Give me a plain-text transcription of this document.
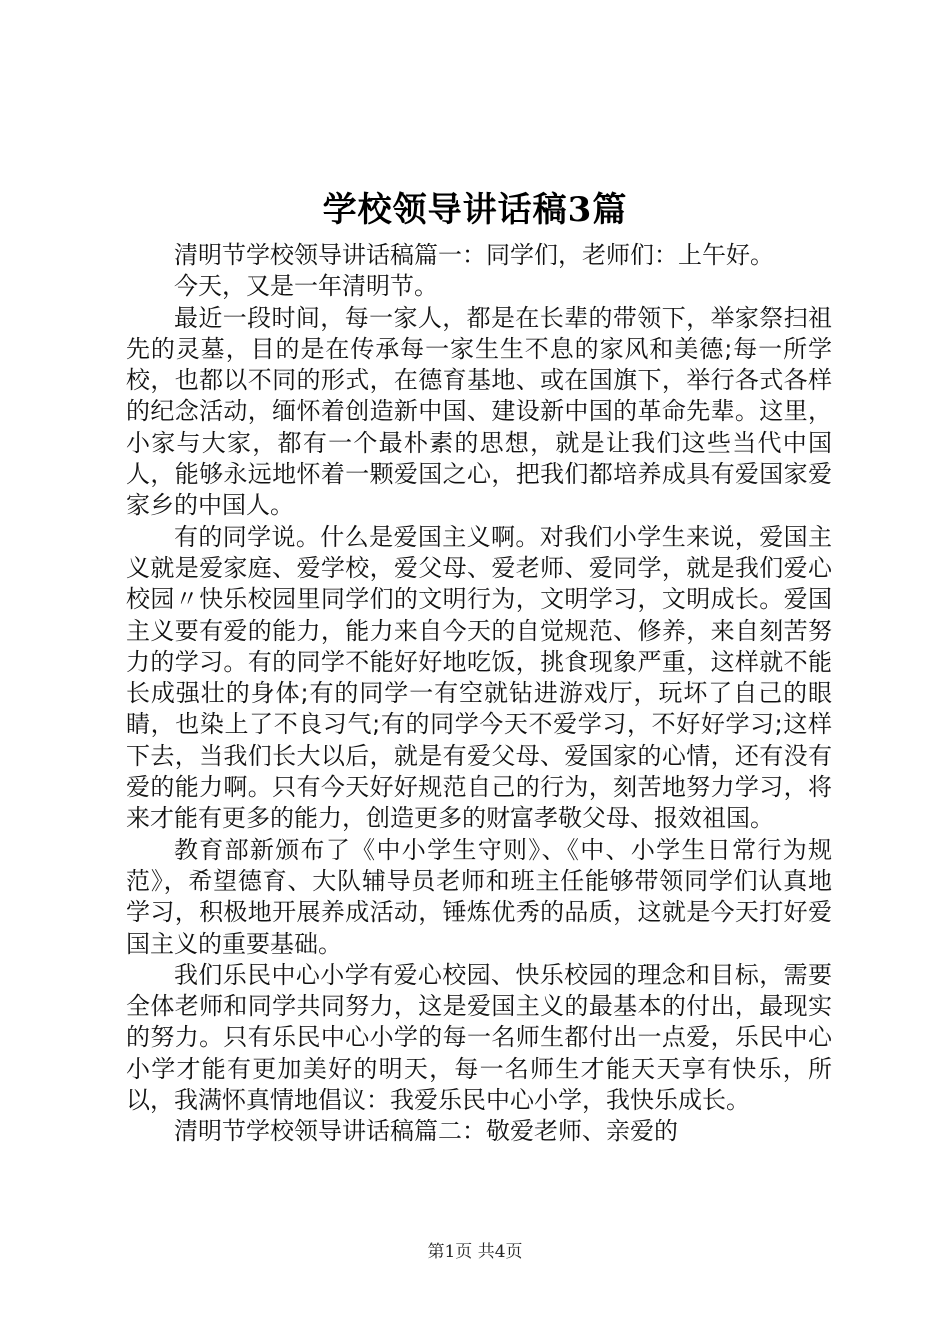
学校领导讲话稿3篇

清明节学校领导讲话稿篇一：同学们，老师们：上午好。

今天，又是一年清明节。

最近一段时间，每一家人，都是在长辈的带领下，举家祭扫祖先的灵墓，目的是在传承每一家生生不息的家风和美德;每一所学校，也都以不同的形式，在德育基地、或在国旗下，举行各式各样的纪念活动，缅怀着创造新中国、建设新中国的革命先辈。这里，小家与大家，都有一个最朴素的思想，就是让我们这些当代中国人，能够永远地怀着一颗爱国之心，把我们都培养成具有爱国家爱家乡的中国人。

有的同学说。什么是爱国主义啊。对我们小学生来说，爱国主义就是爱家庭、爱学校，爱父母、爱老师、爱同学，就是我们爱心校园〃快乐校园里同学们的文明行为，文明学习，文明成长。爱国主义要有爱的能力，能力来自今天的自觉规范、修养，来自刻苦努力的学习。有的同学不能好好地吃饭，挑食现象严重，这样就不能长成强壮的身体;有的同学一有空就钻进游戏厅，玩坏了自己的眼睛，也染上了不良习气;有的同学今天不爱学习，不好好学习;这样下去，当我们长大以后，就是有爱父母、爱国家的心情，还有没有爱的能力啊。只有今天好好规范自己的行为，刻苦地努力学习，将来才能有更多的能力，创造更多的财富孝敬父母、报效祖国。

教育部新颁布了《中小学生守则》、《中、小学生日常行为规范》，希望德育、大队辅导员老师和班主任能够带领同学们认真地学习，积极地开展养成活动，锤炼优秀的品质，这就是今天打好爱国主义的重要基础。

我们乐民中心小学有爱心校园、快乐校园的理念和目标，需要全体老师和同学共同努力，这是爱国主义的最基本的付出，最现实的努力。只有乐民中心小学的每一名师生都付出一点爱，乐民中心小学才能有更加美好的明天，每一名师生才能天天享有快乐，所以，我满怀真情地倡议：我爱乐民中心小学，我快乐成长。

清明节学校领导讲话稿篇二：敬爱老师、亲爱的

第1页 共4页
